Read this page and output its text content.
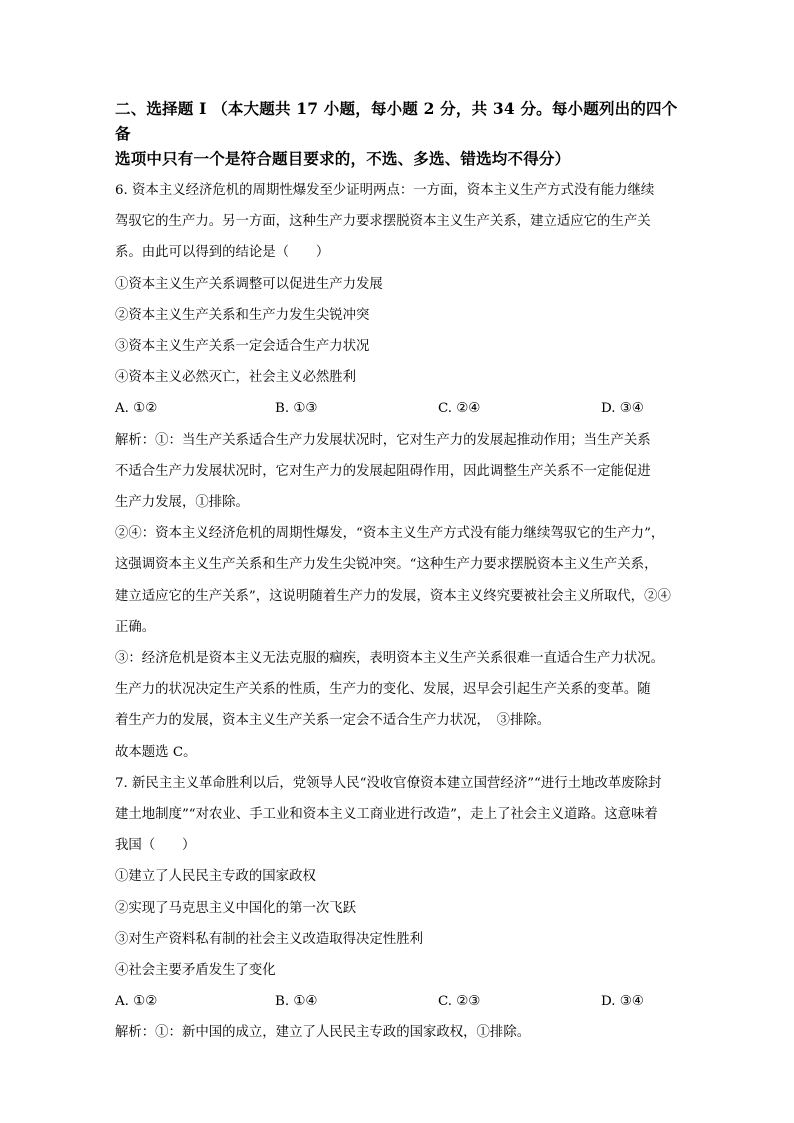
二、选择题 I （本大题共 17 小题，每小题 2 分，共 34 分。每小题列出的四个备
选项中只有一个是符合题目要求的，不选、多选、错选均不得分）

6. 资本主义经济危机的周期性爆发至少证明两点：一方面，资本主义生产方式没有能力继续

驾驭它的生产力。另一方面，这种生产力要求摆脱资本主义生产关系，建立适应它的生产关

系。由此可以得到的结论是（　　）

①资本主义生产关系调整可以促进生产力发展

②资本主义生产关系和生产力发生尖锐冲突

③资本主义生产关系一定会适合生产力状况

④资本主义必然灭亡，社会主义必然胜利

A. ①②	B. ①③	C. ②④	D. ③④

解析：①：当生产关系适合生产力发展状况时，它对生产力的发展起推动作用；当生产关系

不适合生产力发展状况时，它对生产力的发展起阻碍作用，因此调整生产关系不一定能促进

生产力发展，①排除。

②④：资本主义经济危机的周期性爆发，“资本主义生产方式没有能力继续驾驭它的生产力”，

这强调资本主义生产关系和生产力发生尖锐冲突。“这种生产力要求摆脱资本主义生产关系，

建立适应它的生产关系”，这说明随着生产力的发展，资本主义终究要被社会主义所取代，②④

正确。

③：经济危机是资本主义无法克服的痼疾，表明资本主义生产关系很难一直适合生产力状况。

生产力的状况决定生产关系的性质，生产力的变化、发展，迟早会引起生产关系的变革。随

着生产力的发展，资本主义生产关系一定会不适合生产力状况，　③排除。

故本题选 C。

7. 新民主主义革命胜利以后，党领导人民“没收官僚资本建立国营经济”“进行土地改革废除封

建土地制度”“对农业、手工业和资本主义工商业进行改造”，走上了社会主义道路。这意味着

我国（　　）

①建立了人民民主专政的国家政权

②实现了马克思主义中国化的第一次飞跃

③对生产资料私有制的社会主义改造取得决定性胜利

④社会主要矛盾发生了变化

A. ①②	B. ①④	C. ②③	D. ③④

解析：①：新中国的成立，建立了人民民主专政的国家政权，①排除。
